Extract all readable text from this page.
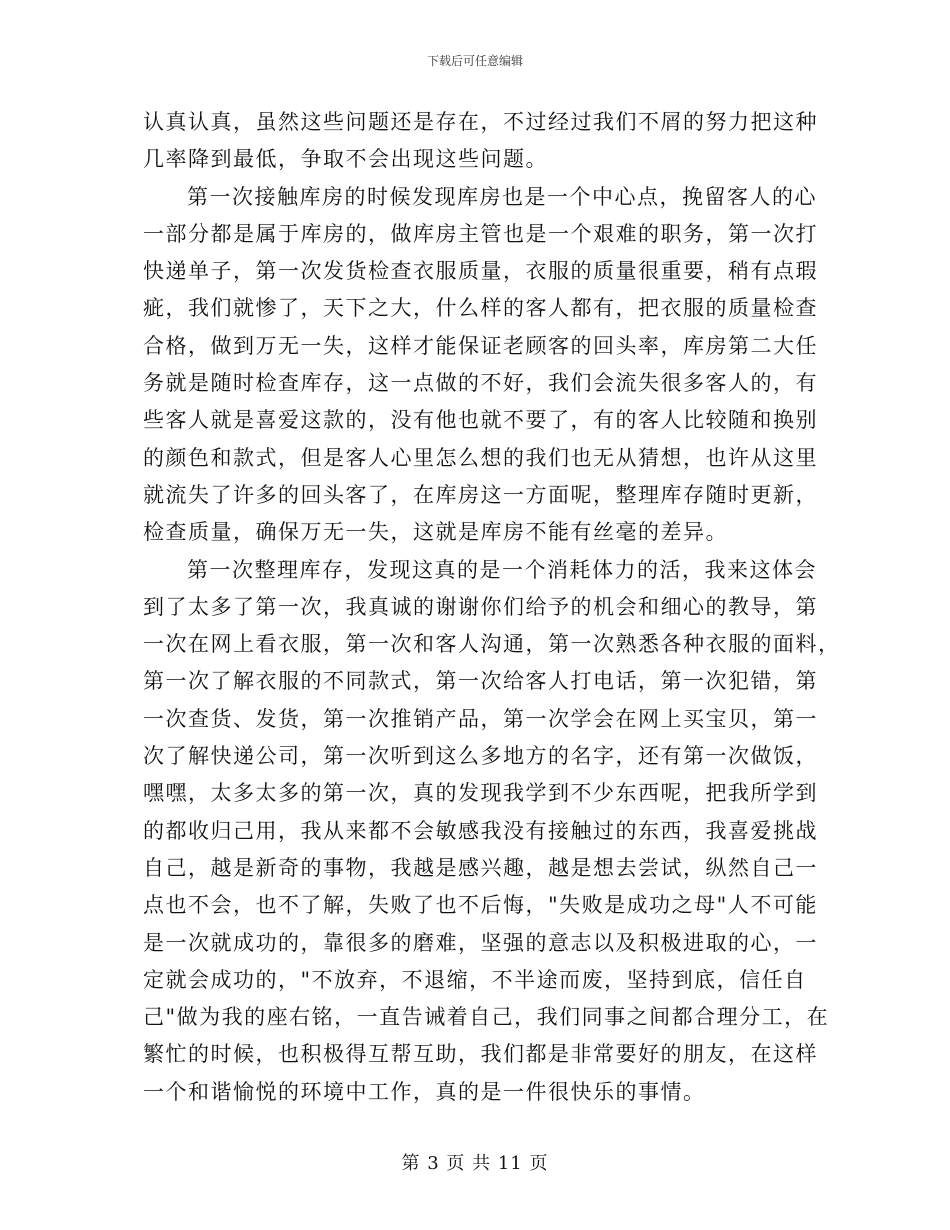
下载后可任意编辑
认真认真，虽然这些问题还是存在，不过经过我们不屑的努力把这种
几率降到最低，争取不会出现这些问题。
第一次接触库房的时候发现库房也是一个中心点，挽留客人的心
一部分都是属于库房的，做库房主管也是一个艰难的职务，第一次打
快递单子，第一次发货检查衣服质量，衣服的质量很重要，稍有点瑕
疵，我们就惨了，天下之大，什么样的客人都有，把衣服的质量检查
合格，做到万无一失，这样才能保证老顾客的回头率，库房第二大任
务就是随时检查库存，这一点做的不好，我们会流失很多客人的，有
些客人就是喜爱这款的，没有他也就不要了，有的客人比较随和换别
的颜色和款式，但是客人心里怎么想的我们也无从猜想，也许从这里
就流失了许多的回头客了，在库房这一方面呢，整理库存随时更新，
检查质量，确保万无一失，这就是库房不能有丝毫的差异。
第一次整理库存，发现这真的是一个消耗体力的活，我来这体会
到了太多了第一次，我真诚的谢谢你们给予的机会和细心的教导，第
一次在网上看衣服，第一次和客人沟通，第一次熟悉各种衣服的面料，
第一次了解衣服的不同款式，第一次给客人打电话，第一次犯错，第
一次查货、发货，第一次推销产品，第一次学会在网上买宝贝，第一
次了解快递公司，第一次听到这么多地方的名字，还有第一次做饭，
嘿嘿，太多太多的第一次，真的发现我学到不少东西呢，把我所学到
的都收归己用，我从来都不会敏感我没有接触过的东西，我喜爱挑战
自己，越是新奇的事物，我越是感兴趣，越是想去尝试，纵然自己一
点也不会，也不了解，失败了也不后悔，"失败是成功之母"人不可能
是一次就成功的，靠很多的磨难，坚强的意志以及积极进取的心，一
定就会成功的，"不放弃，不退缩，不半途而废，坚持到底，信任自
己"做为我的座右铭，一直告诫着自己，我们同事之间都合理分工，在
繁忙的时候，也积极得互帮互助，我们都是非常要好的朋友，在这样
一个和谐愉悦的环境中工作，真的是一件很快乐的事情。
第 3 页 共 11 页
